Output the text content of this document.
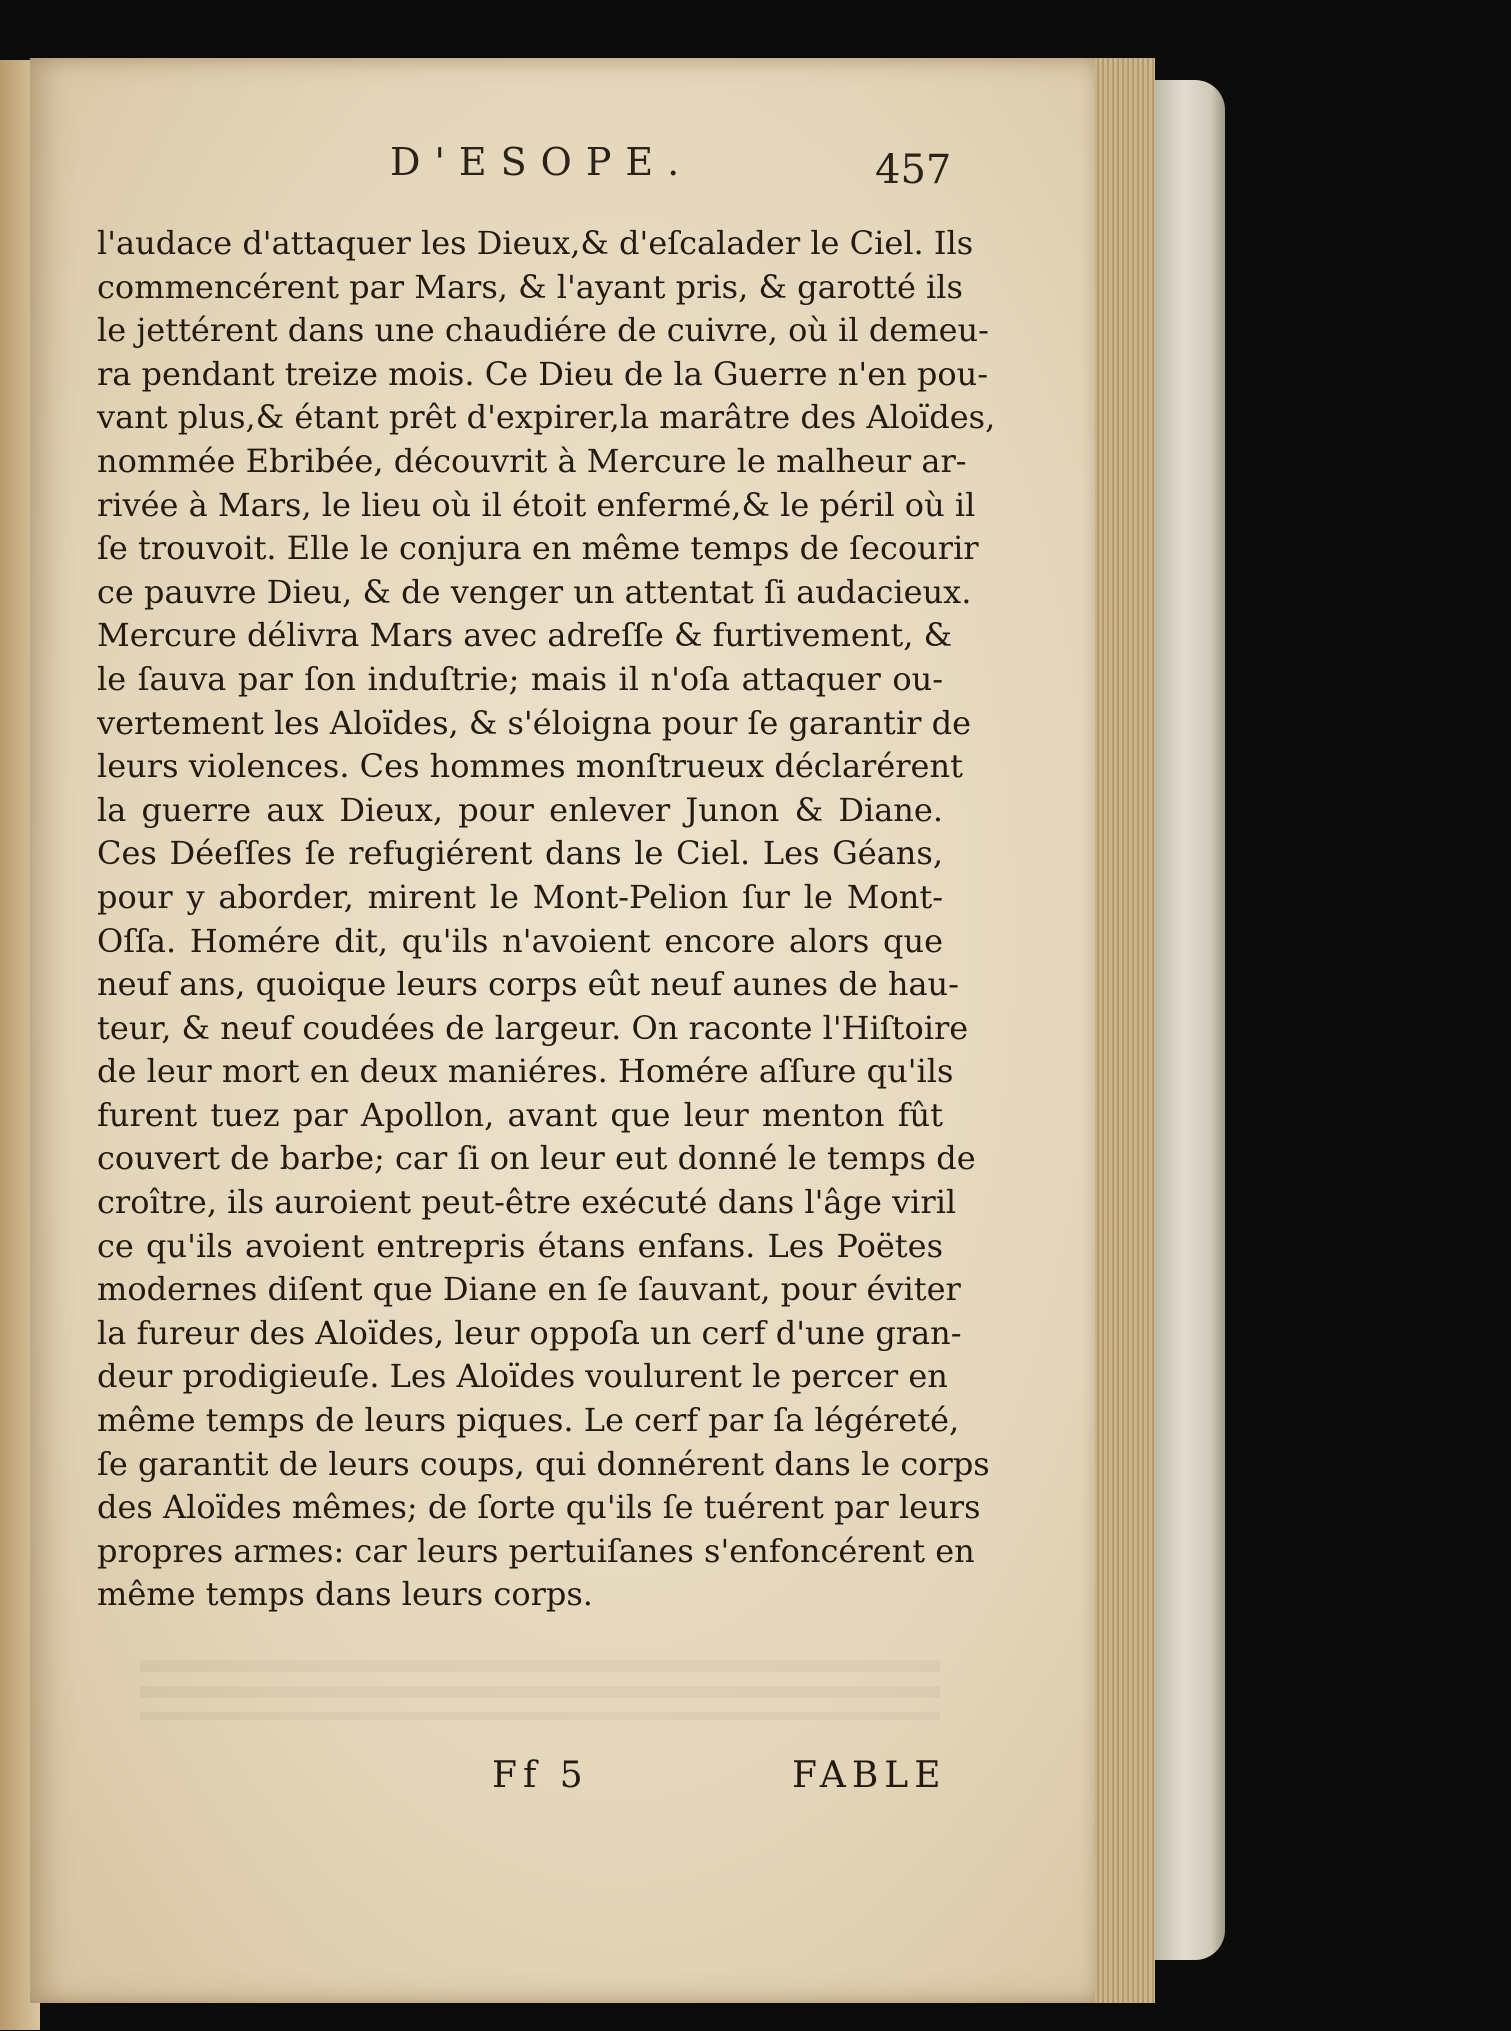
D'ESOPE.	457
l'audace d'attaquer les Dieux,& d'eſcalader le Ciel. Ils
commencérent par Mars, & l'ayant pris, & garotté ils
le jettérent dans une chaudiére de cuivre, où il demeu-
ra pendant treize mois. Ce Dieu de la Guerre n'en pou-
vant plus,& étant prêt d'expirer,la marâtre des Aloïdes,
nommée Ebribée, découvrit à Mercure le malheur ar-
rivée à Mars, le lieu où il étoit enfermé,& le péril où il
ſe trouvoit. Elle le conjura en même temps de ſecourir
ce pauvre Dieu, & de venger un attentat ſi audacieux.
Mercure délivra Mars avec adreſſe & furtivement, &
le ſauva par ſon induſtrie; mais il n'oſa attaquer ou-
vertement les Aloïdes, & s'éloigna pour ſe garantir de
leurs violences. Ces hommes monſtrueux déclarérent
la guerre aux Dieux, pour enlever Junon & Diane.
Ces Déeſſes ſe refugiérent dans le Ciel. Les Géans,
pour y aborder, mirent le Mont-Pelion ſur le Mont-
Oſſa. Homére dit, qu'ils n'avoient encore alors que
neuf ans, quoique leurs corps eût neuf aunes de hau-
teur, & neuf coudées de largeur. On raconte l'Hiſtoire
de leur mort en deux maniéres. Homére aſſure qu'ils
furent tuez par Apollon, avant que leur menton fût
couvert de barbe; car ſi on leur eut donné le temps de
croître, ils auroient peut-être exécuté dans l'âge viril
ce qu'ils avoient entrepris étans enfans. Les Poëtes
modernes diſent que Diane en ſe ſauvant, pour éviter
la fureur des Aloïdes, leur oppoſa un cerf d'une gran-
deur prodigieuſe. Les Aloïdes voulurent le percer en
même temps de leurs piques. Le cerf par ſa légéreté,
ſe garantit de leurs coups, qui donnérent dans le corps
des Aloïdes mêmes; de ſorte qu'ils ſe tuérent par leurs
propres armes: car leurs pertuiſanes s'enfoncérent en
même temps dans leurs corps.
Ff 5	FABLE
